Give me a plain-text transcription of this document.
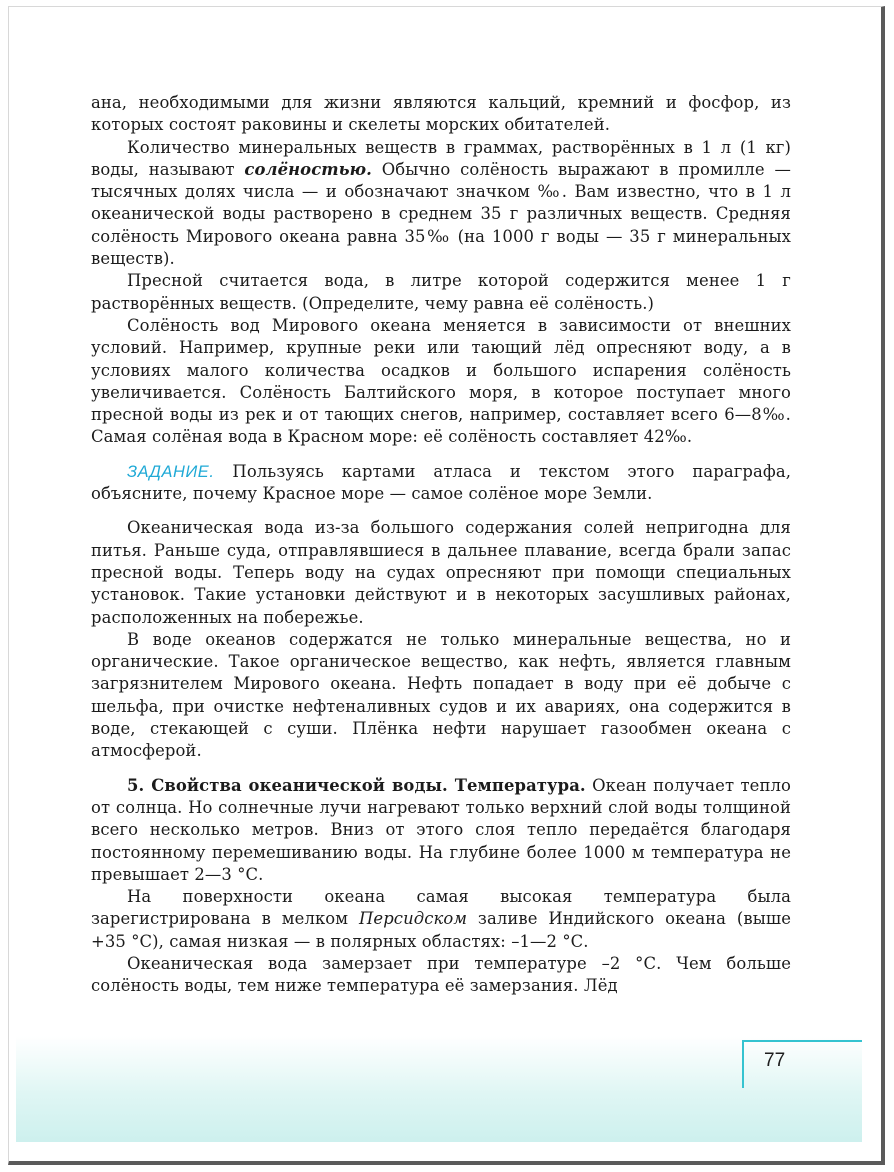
77

ана, необходимыми для жизни являются кальций, кремний и фосфор, из которых состоят раковины и скелеты морских обитателей.

Количество минеральных веществ в граммах, растворённых в 1 л (1 кг) воды, называют солёностью. Обычно солёность выражают в промилле — тысячных долях числа — и обозначают значком ‰. Вам известно, что в 1 л океанической воды растворено в среднем 35 г различных веществ. Средняя солёность Мирового океана равна 35‰ (на 1000 г воды — 35 г минеральных веществ).

Пресной считается вода, в литре которой содержится менее 1 г растворённых веществ. (Определите, чему равна её солёность.)

Солёность вод Мирового океана меняется в зависимости от внешних условий. Например, крупные реки или тающий лёд опресняют воду, а в условиях малого количества осадков и большого испарения солёность увеличивается. Солёность Балтийского моря, в которое поступает много пресной воды из рек и от тающих снегов, например, составляет всего 6—8‰. Самая солёная вода в Красном море: её солёность составляет 42‰.

ЗАДАНИЕ. Пользуясь картами атласа и текстом этого параграфа, объясните, почему Красное море — самое солёное море Земли.

Океаническая вода из-за большого содержания солей непригодна для питья. Раньше суда, отправлявшиеся в дальнее плавание, всегда брали запас пресной воды. Теперь воду на судах опресняют при помощи специальных установок. Такие установки действуют и в некоторых засушливых районах, расположенных на побережье.

В воде океанов содержатся не только минеральные вещества, но и органические. Такое органическое вещество, как нефть, является главным загрязнителем Мирового океана. Нефть попадает в воду при её добыче с шельфа, при очистке нефтеналивных судов и их авариях, она содержится в воде, стекающей с суши. Плёнка нефти нарушает газообмен океана с атмосферой.

5. Свойства океанической воды. Температура. Океан получает тепло от солнца. Но солнечные лучи нагревают только верхний слой воды толщиной всего несколько метров. Вниз от этого слоя тепло передаётся благодаря постоянному перемешиванию воды. На глубине более 1000 м температура не превышает 2—3 °С.

На поверхности океана самая высокая температура была зарегистрирована в мелком Персидском заливе Индийского океана (выше +35 °С), самая низкая — в полярных областях: –1—2 °С.

Океаническая вода замерзает при температуре –2 °С. Чем больше солёность воды, тем ниже температура её замерзания. Лёд
